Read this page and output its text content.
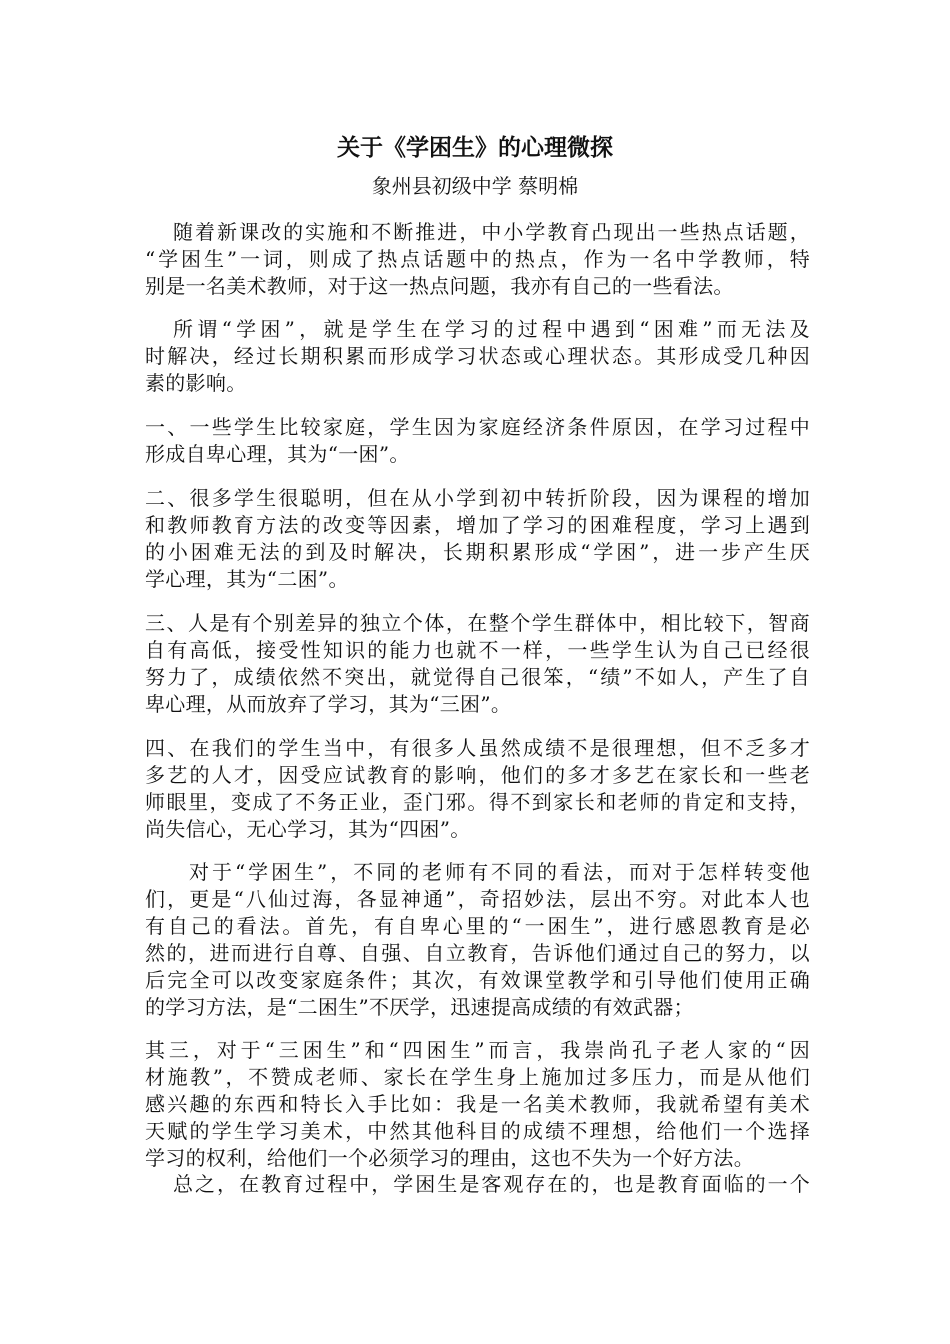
关于《学困生》的心理微探
象州县初级中学 蔡明棉
随着新课改的实施和不断推进，中小学教育凸现出一些热点话题，
“学困生”一词，则成了热点话题中的热点，作为一名中学教师，特
别是一名美术教师，对于这一热点问题，我亦有自己的一些看法。
所谓“学困”，就是学生在学习的过程中遇到“困难”而无法及
时解决，经过长期积累而形成学习状态或心理状态。其形成受几种因
素的影响。
一、一些学生比较家庭，学生因为家庭经济条件原因，在学习过程中
形成自卑心理，其为“一困”。
二、很多学生很聪明，但在从小学到初中转折阶段，因为课程的增加
和教师教育方法的改变等因素，增加了学习的困难程度，学习上遇到
的小困难无法的到及时解决，长期积累形成“学困”，进一步产生厌
学心理，其为“二困”。
三、人是有个别差异的独立个体，在整个学生群体中，相比较下，智商
自有高低，接受性知识的能力也就不一样，一些学生认为自己已经很
努力了，成绩依然不突出，就觉得自己很笨，“绩”不如人，产生了自
卑心理，从而放弃了学习，其为“三困”。
四、在我们的学生当中，有很多人虽然成绩不是很理想，但不乏多才
多艺的人才，因受应试教育的影响，他们的多才多艺在家长和一些老
师眼里，变成了不务正业，歪门邪。得不到家长和老师的肯定和支持，
尚失信心，无心学习，其为“四困”。
对于“学困生”，不同的老师有不同的看法，而对于怎样转变他
们，更是“八仙过海，各显神通”，奇招妙法，层出不穷。对此本人也
有自己的看法。首先，有自卑心里的“一困生”，进行感恩教育是必
然的，进而进行自尊、自强、自立教育，告诉他们通过自己的努力，以
后完全可以改变家庭条件；其次，有效课堂教学和引导他们使用正确
的学习方法，是“二困生”不厌学，迅速提高成绩的有效武器；
其三，对于“三困生”和“四困生”而言，我崇尚孔子老人家的“因
材施教”，不赞成老师、家长在学生身上施加过多压力，而是从他们
感兴趣的东西和特长入手比如：我是一名美术教师，我就希望有美术
天赋的学生学习美术，中然其他科目的成绩不理想，给他们一个选择
学习的权利，给他们一个必须学习的理由，这也不失为一个好方法。
总之，在教育过程中，学困生是客观存在的，也是教育面临的一个
